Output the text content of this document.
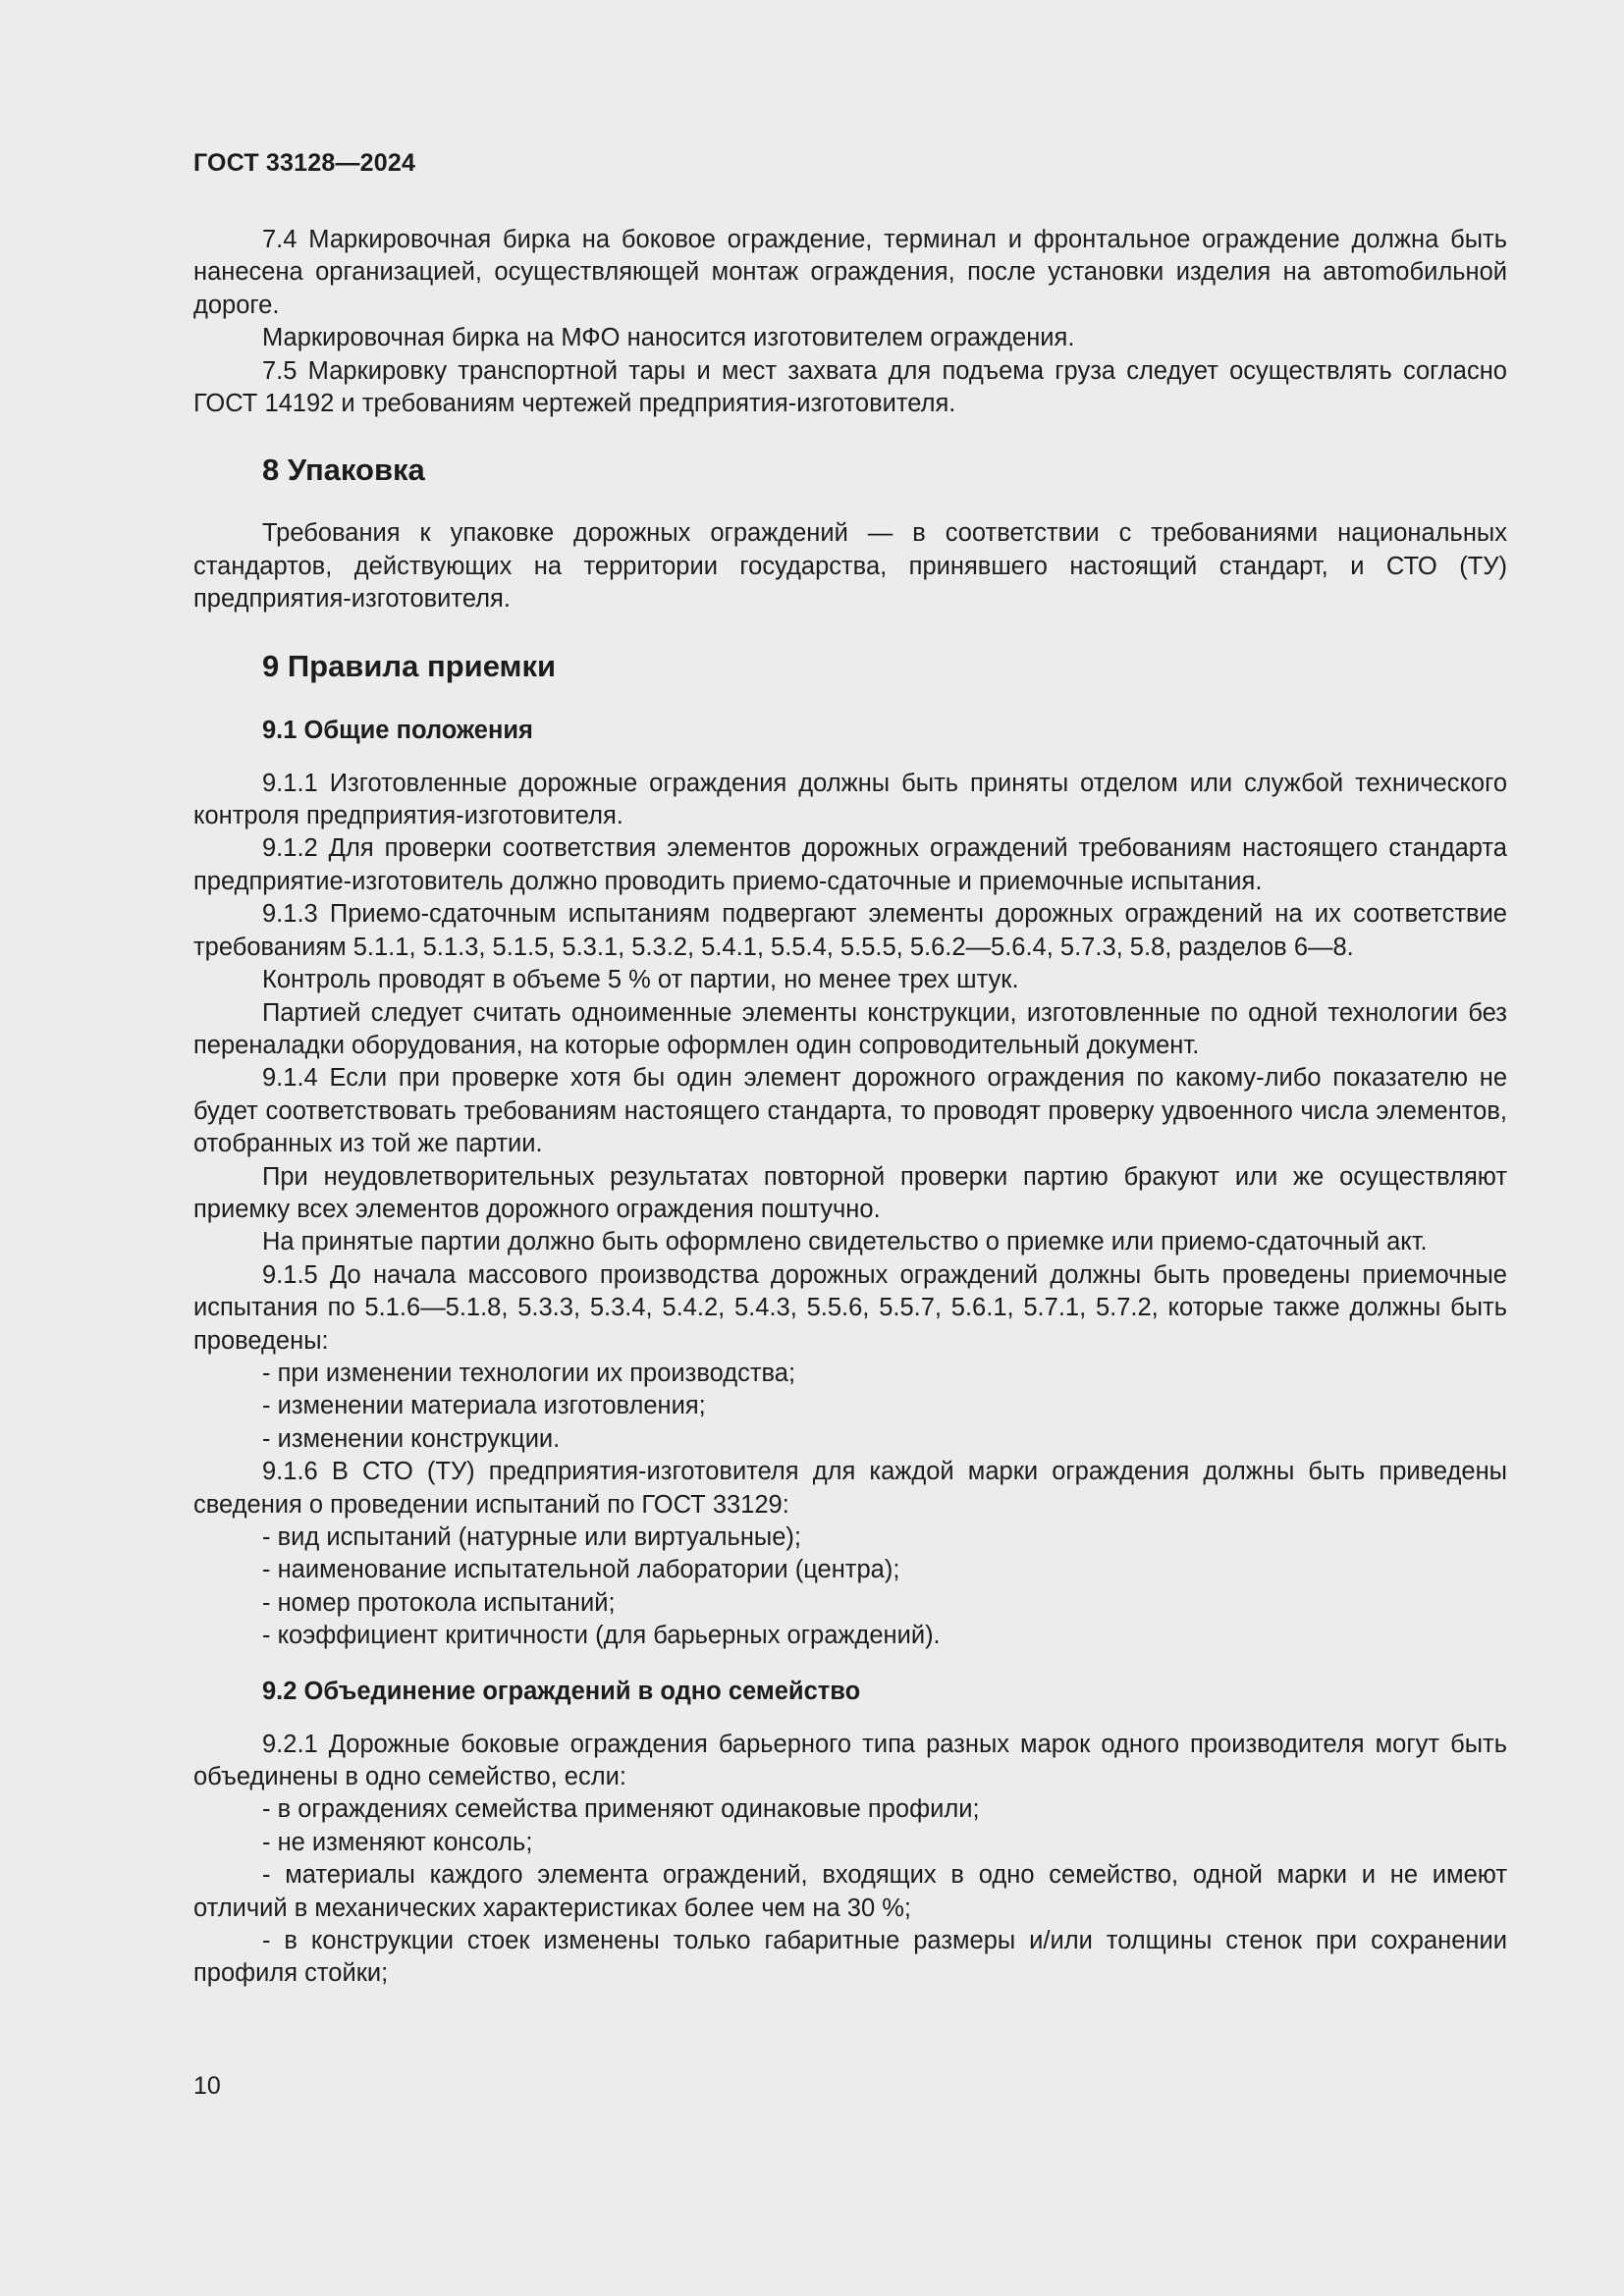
ГОСТ 33128—2024

7.4 Маркировочная бирка на боковое ограждение, терминал и фронтальное ограждение должна быть нанесена организацией, осуществляющей монтаж ограждения, после установки изделия на автоmобильной дороге.

Маркировочная бирка на МФО наносится изготовителем ограждения.

7.5 Маркировку транспортной тары и мест захвата для подъема груза следует осуществлять согласно ГОСТ 14192 и требованиям чертежей предприятия-изготовителя.

8 Упаковка

Требования к упаковке дорожных ограждений — в соответствии с требованиями национальных стандартов, действующих на территории государства, принявшего настоящий стандарт, и СТО (ТУ) предприятия-изготовителя.

9 Правила приемки
9.1 Общие положения

9.1.1 Изготовленные дорожные ограждения должны быть приняты отделом или службой технического контроля предприятия-изготовителя.

9.1.2 Для проверки соответствия элементов дорожных ограждений требованиям настоящего стандарта предприятие-изготовитель должно проводить приемо-сдаточные и приемочные испытания.

9.1.3 Приемо-сдаточным испытаниям подвергают элементы дорожных ограждений на их соответствие требованиям 5.1.1, 5.1.3, 5.1.5, 5.3.1, 5.3.2, 5.4.1, 5.5.4, 5.5.5, 5.6.2—5.6.4, 5.7.3, 5.8, разделов 6—8.

Контроль проводят в объеме 5 % от партии, но менее трех штук.

Партией следует считать одноименные элементы конструкции, изготовленные по одной технологии без переналадки оборудования, на которые оформлен один сопроводительный документ.

9.1.4 Если при проверке хотя бы один элемент дорожного ограждения по какому-либо показателю не будет соответствовать требованиям настоящего стандарта, то проводят проверку удвоенного числа элементов, отобранных из той же партии.

При неудовлетворительных результатах повторной проверки партию бракуют или же осуществляют приемку всех элементов дорожного ограждения поштучно.

На принятые партии должно быть оформлено свидетельство о приемке или приемо-сдаточный акт.

9.1.5 До начала массового производства дорожных ограждений должны быть проведены приемочные испытания по 5.1.6—5.1.8, 5.3.3, 5.3.4, 5.4.2, 5.4.3, 5.5.6, 5.5.7, 5.6.1, 5.7.1, 5.7.2, которые также должны быть проведены:

- при изменении технологии их производства;

- изменении материала изготовления;

- изменении конструкции.

9.1.6 В СТО (ТУ) предприятия-изготовителя для каждой марки ограждения должны быть приведены сведения о проведении испытаний по ГОСТ 33129:

- вид испытаний (натурные или виртуальные);

- наименование испытательной лаборатории (центра);

- номер протокола испытаний;

- коэффициент критичности (для барьерных ограждений).

9.2 Объединение ограждений в одно семейство

9.2.1 Дорожные боковые ограждения барьерного типа разных марок одного производителя могут быть объединены в одно семейство, если:

- в ограждениях семейства применяют одинаковые профили;

- не изменяют консоль;

- материалы каждого элемента ограждений, входящих в одно семейство, одной марки и не имеют отличий в механических характеристиках более чем на 30 %;

- в конструкции стоек изменены только габаритные размеры и/или толщины стенок при сохранении профиля стойки;

10
